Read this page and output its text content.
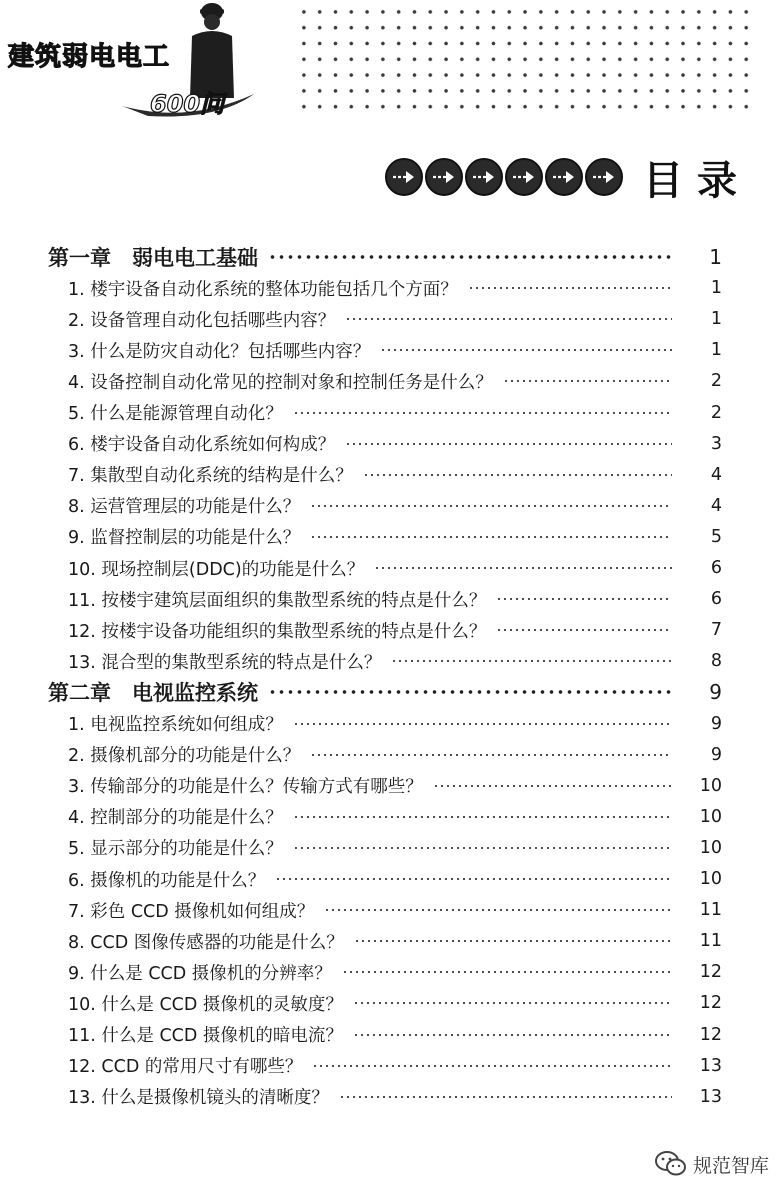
建筑弱电电工
600问
目录
第一章　弱电电工基础	1
1. 楼宇设备自动化系统的整体功能包括几个方面？	1
2. 设备管理自动化包括哪些内容？	1
3. 什么是防灾自动化？包括哪些内容？	1
4. 设备控制自动化常见的控制对象和控制任务是什么？	2
5. 什么是能源管理自动化？	2
6. 楼宇设备自动化系统如何构成？	3
7. 集散型自动化系统的结构是什么？	4
8. 运营管理层的功能是什么？	4
9. 监督控制层的功能是什么？	5
10. 现场控制层(DDC)的功能是什么？	6
11. 按楼宇建筑层面组织的集散型系统的特点是什么？	6
12. 按楼宇设备功能组织的集散型系统的特点是什么？	7
13. 混合型的集散型系统的特点是什么？	8
第二章　电视监控系统	9
1. 电视监控系统如何组成？	9
2. 摄像机部分的功能是什么？	9
3. 传输部分的功能是什么？传输方式有哪些？	10
4. 控制部分的功能是什么？	10
5. 显示部分的功能是什么？	10
6. 摄像机的功能是什么？	10
7. 彩色 CCD 摄像机如何组成？	11
8. CCD 图像传感器的功能是什么？	11
9. 什么是 CCD 摄像机的分辨率？	12
10. 什么是 CCD 摄像机的灵敏度？	12
11. 什么是 CCD 摄像机的暗电流？	12
12. CCD 的常用尺寸有哪些？	13
13. 什么是摄像机镜头的清晰度？	13
规范智库
